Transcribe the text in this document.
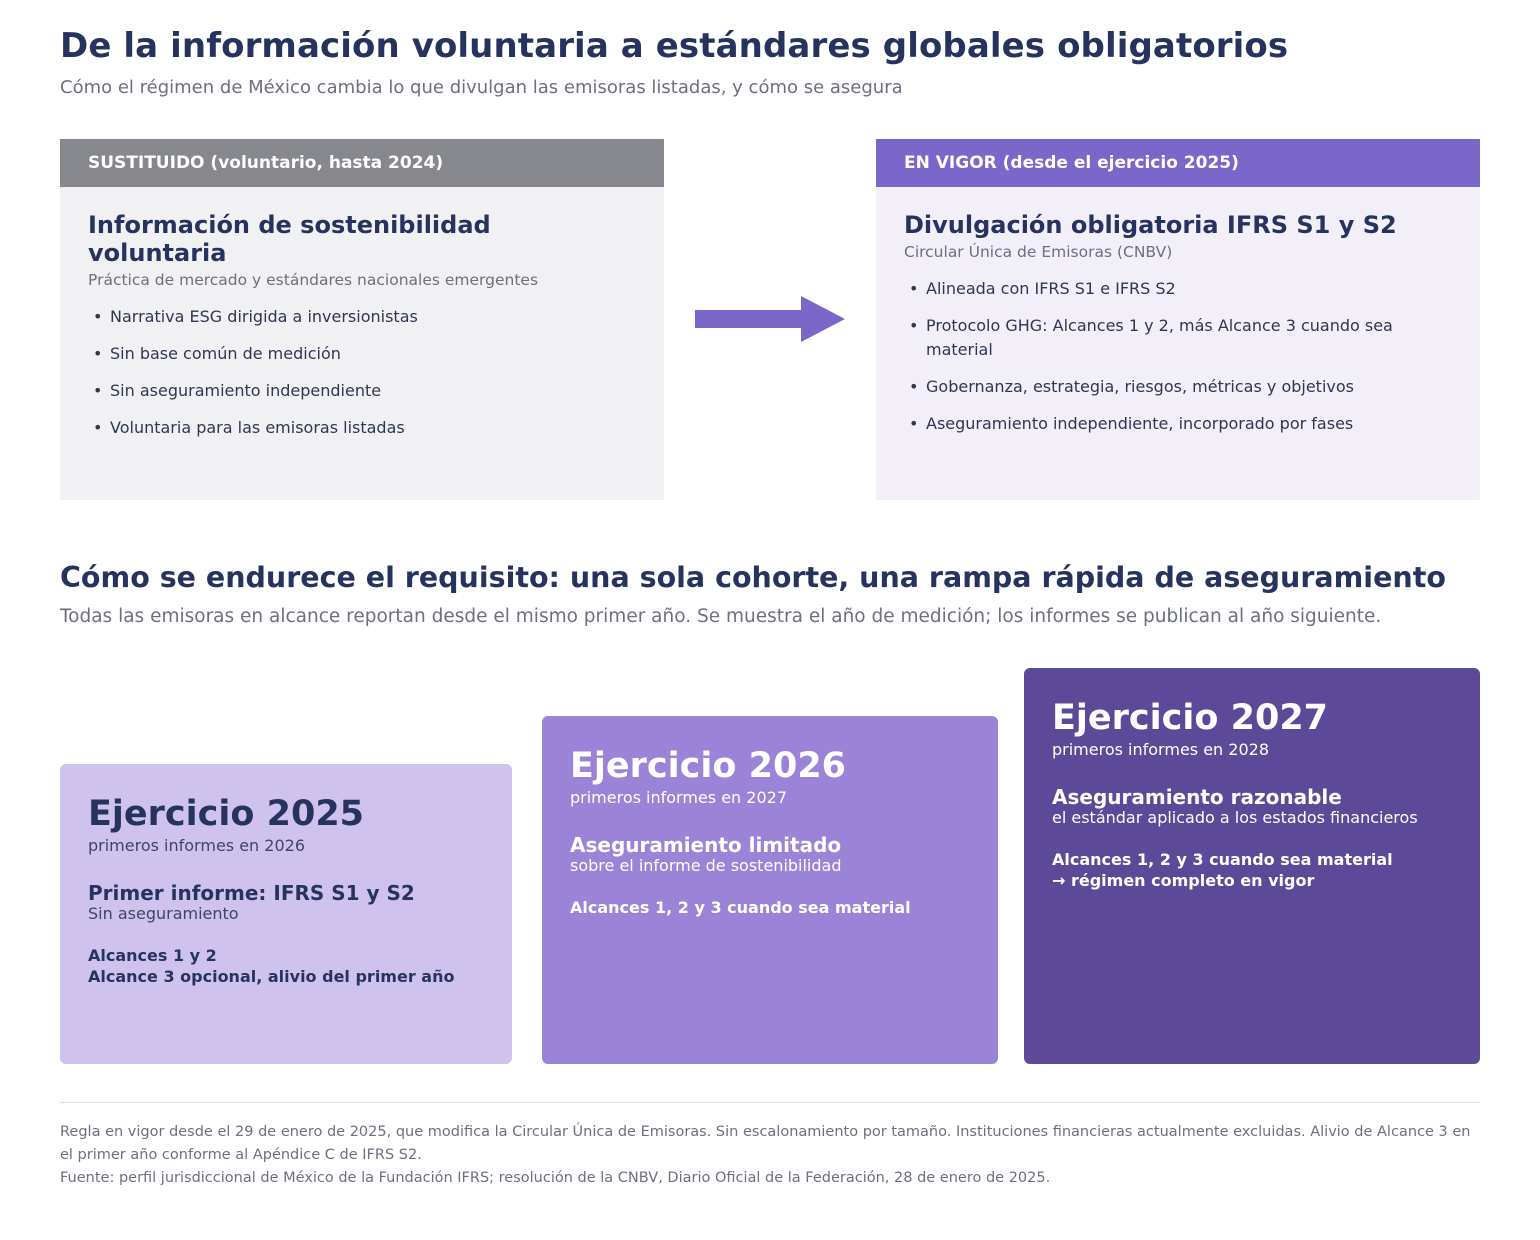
De la información voluntaria a estándares globales obligatorios

Cómo el régimen de México cambia lo que divulgan las emisoras listadas, y cómo se asegura

SUSTITUIDO (voluntario, hasta 2024)
Información de sostenibilidad voluntaria

Práctica de mercado y estándares nacionales emergentes

• Narrativa ESG dirigida a inversionistas
• Sin base común de medición
• Sin aseguramiento independiente
• Voluntaria para las emisoras listadas
EN VIGOR (desde el ejercicio 2025)
Divulgación obligatoria IFRS S1 y S2

Circular Única de Emisoras (CNBV)

• Alineada con IFRS S1 e IFRS S2
• Protocolo GHG: Alcances 1 y 2, más Alcance 3 cuando sea material
• Gobernanza, estrategia, riesgos, métricas y objetivos
• Aseguramiento independiente, incorporado por fases
Cómo se endurece el requisito: una sola cohorte, una rampa rápida de aseguramiento

Todas las emisoras en alcance reportan desde el mismo primer año. Se muestra el año de medición; los informes se publican al año siguiente.

Ejercicio 2025
primeros informes en 2026
Primer informe: IFRS S1 y S2
Sin aseguramiento
Alcances 1 y 2
Alcance 3 opcional, alivio del primer año
Ejercicio 2026
primeros informes en 2027
Aseguramiento limitado
sobre el informe de sostenibilidad
Alcances 1, 2 y 3 cuando sea material
Ejercicio 2027
primeros informes en 2028
Aseguramiento razonable
el estándar aplicado a los estados financieros
Alcances 1, 2 y 3 cuando sea material
→ régimen completo en vigor

Regla en vigor desde el 29 de enero de 2025, que modifica la Circular Única de Emisoras. Sin escalonamiento por tamaño. Instituciones financieras actualmente excluidas. Alivio de Alcance 3 en el primer año conforme al Apéndice C de IFRS S2.

Fuente: perfil jurisdiccional de México de la Fundación IFRS; resolución de la CNBV, Diario Oficial de la Federación, 28 de enero de 2025.
